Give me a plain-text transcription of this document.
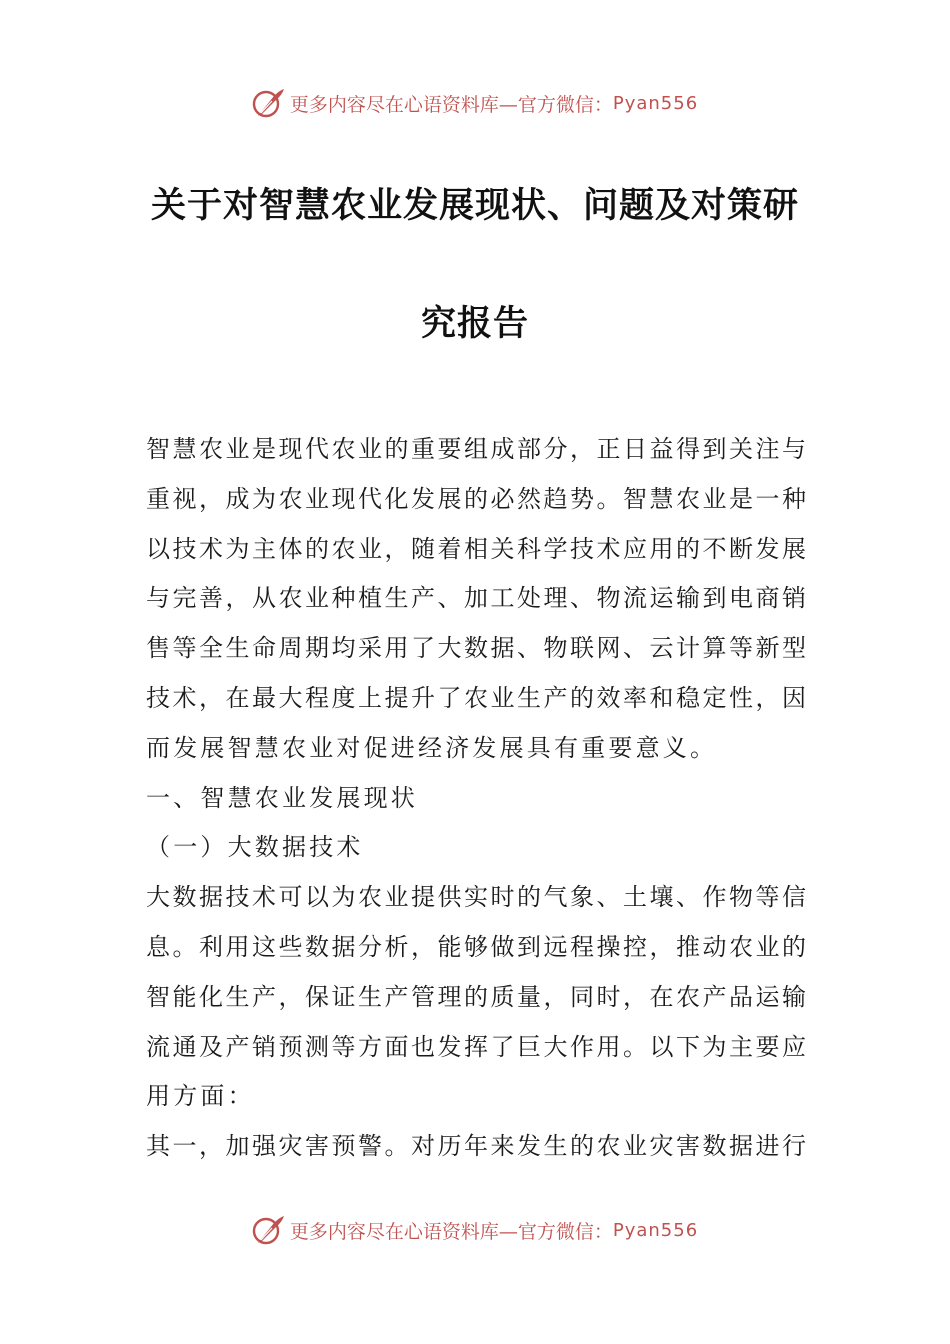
更多内容尽在心语资料库— 官方微信： Pyan556
关于对智慧农业发展现状、问题及对策研
究报告
智慧农业是现代农业的重要组成部分，正日益得到关注与
重视，成为农业现代化发展的必然趋势。智慧农业是一种
以技术为主体的农业，随着相关科学技术应用的不断发展
与完善，从农业种植生产、加工处理、物流运输到电商销
售等全生命周期均采用了大数据、物联网、云计算等新型
技术，在最大程度上提升了农业生产的效率和稳定性，因
而发展智慧农业对促进经济发展具有重要意义。
一、智慧农业发展现状
（一）大数据技术
大数据技术可以为农业提供实时的气象、土壤、作物等信
息。利用这些数据分析，能够做到远程操控，推动农业的
智能化生产，保证生产管理的质量，同时，在农产品运输
流通及产销预测等方面也发挥了巨大作用。以下为主要应
用方面：
其一，加强灾害预警。对历年来发生的农业灾害数据进行
更多内容尽在心语资料库— 官方微信： Pyan556
